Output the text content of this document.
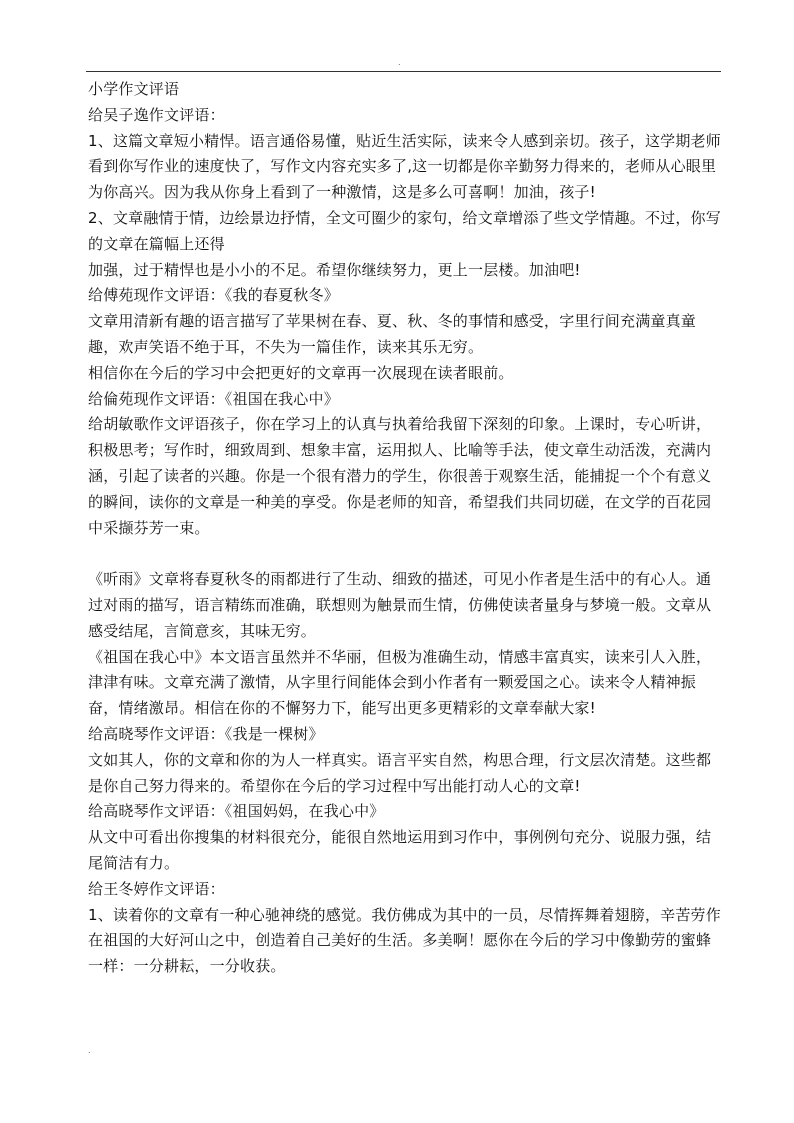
.

小学作文评语

给吴子逸作文评语：

1、这篇文章短小精悍。语言通俗易懂，贴近生活实际，读来令人感到亲切。孩子，这学期老师看到你写作业的速度快了，写作文内容充实多了,这一切都是你辛勤努力得来的，老师从心眼里为你高兴。因为我从你身上看到了一种激情，这是多么可喜啊！加油，孩子!

2、文章融情于情，边绘景边抒情，全文可圈少的家句，给文章增添了些文学情趣。不过，你写的文章在篇幅上还得

加强，过于精悍也是小小的不足。希望你继续努力，更上一层楼。加油吧!

给傅苑现作文评语：《我的春夏秋冬》

文章用清新有趣的语言描写了苹果树在春、夏、秋、冬的事情和感受，字里行间充满童真童趣，欢声笑语不绝于耳，不失为一篇佳作，读来其乐无穷。

相信你在今后的学习中会把更好的文章再一次展现在读者眼前。

给倫苑现作文评语：《祖国在我心中》

给胡敏歌作文评语孩子，你在学习上的认真与执着给我留下深刻的印象。上课时，专心听讲，积极思考；写作时，细致周到、想象丰富，运用拟人、比喻等手法，使文章生动活泼，充满内涵，引起了读者的兴趣。你是一个很有潜力的学生，你很善于观察生活，能捕捉一个个有意义的瞬间，读你的文章是一种美的享受。你是老师的知音，希望我们共同切磋，在文学的百花园中采撷芬芳一束。

《听雨》文章将春夏秋冬的雨都进行了生动、细致的描述，可见小作者是生活中的有心人。通过对雨的描写，语言精练而准确，联想则为触景而生情，仿佛使读者量身与梦境一般。文章从感受结尾，言简意亥，其味无穷。

《祖国在我心中》本文语言虽然并不华丽，但极为准确生动，情感丰富真实，读来引人入胜，津津有味。文章充满了激情，从字里行间能体会到小作者有一颗爱国之心。读来令人精神振奋，情绪激昂。相信在你的不懈努力下，能写出更多更精彩的文章奉献大家!

给高晓琴作文评语：《我是一棵树》

文如其人，你的文章和你的为人一样真实。语言平实自然，构思合理，行文层次清楚。这些都是你自己努力得来的。希望你在今后的学习过程中写出能打动人心的文章!

给高晓琴作文评语：《祖国妈妈，在我心中》

从文中可看出你搜集的材料很充分，能很自然地运用到习作中，事例例句充分、说服力强，结尾简洁有力。

给王冬婷作文评语：

1、读着你的文章有一种心驰神绕的感觉。我仿佛成为其中的一员，尽情挥舞着翅膀，辛苦劳作在祖国的大好河山之中，创造着自己美好的生活。多美啊！愿你在今后的学习中像勤劳的蜜蜂一样：一分耕耘，一分收获。

.
